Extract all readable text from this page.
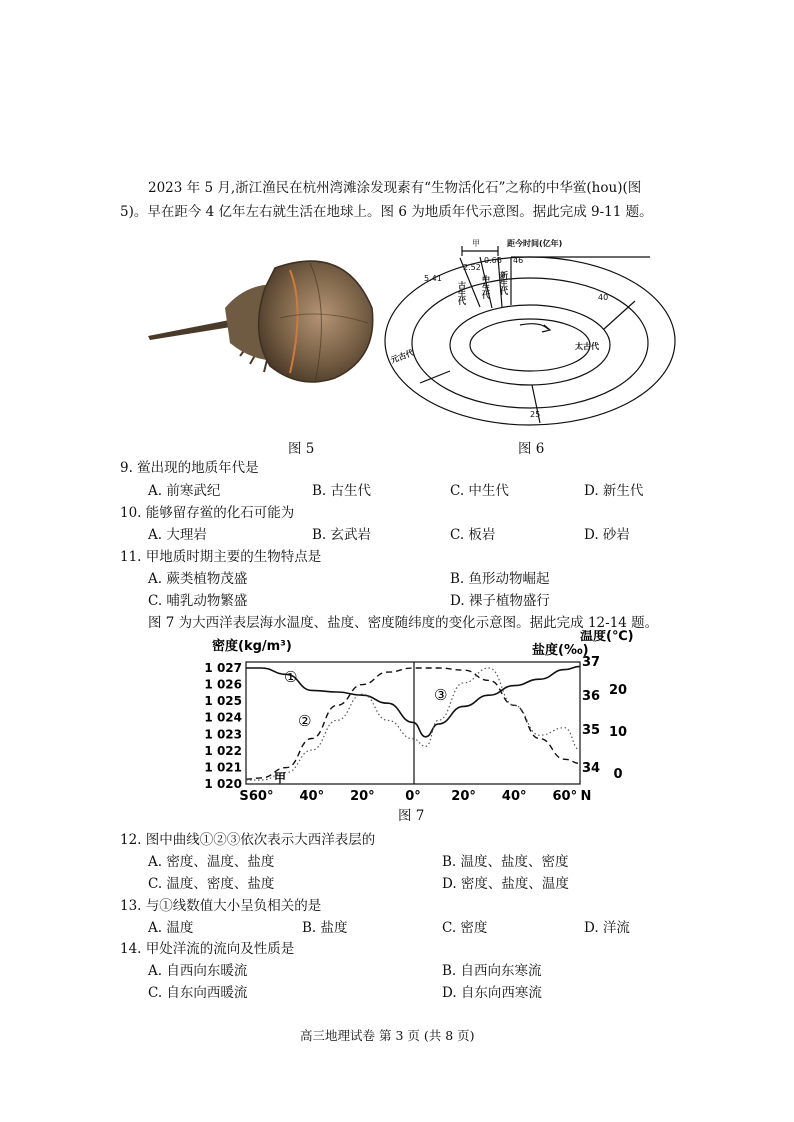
2023 年 5 月,浙江渔民在杭州湾滩涂发现素有“生物活化石”之称的中华鲎(hou)(图
5)。早在距今 4 亿年左右就生活在地球上。图 6 为地质年代示意图。据此完成 9-11 题。
图 5
甲	距今时间(亿年)
5.41
2.52
0.66 46
40
25
太古代
元古代
古生代 中生代 新生代
图 6
9. 鲎出现的地质年代是
A. 前寒武纪	B. 古生代	C. 中生代	D. 新生代
10. 能够留存鲎的化石可能为
A. 大理岩	B. 玄武岩	C. 板岩	D. 砂岩
11. 甲地质时期主要的生物特点是
A. 蕨类植物茂盛	B. 鱼形动物崛起
C. 哺乳动物繁盛	D. 裸子植物盛行
图 7 为大西洋表层海水温度、盐度、密度随纬度的变化示意图。据此完成 12-14 题。
密度(kg/m³)	盐度(‰)
温度(℃)
1 027
1 026
1 025
1 024
1 023
1 022
1 021
1 020
S 60° 40° 20° 0° 20° 40° 60° N
37
36
35
34
20
10
0
①
②
③
甲
图 7
12. 图中曲线①②③依次表示大西洋表层的
A. 密度、温度、盐度	B. 温度、盐度、密度
C. 温度、密度、盐度	D. 密度、盐度、温度
13. 与①线数值大小呈负相关的是
A. 温度	B. 盐度	C. 密度	D. 洋流
14. 甲处洋流的流向及性质是
A. 自西向东暖流	B. 自西向东寒流
C. 自东向西暖流	D. 自东向西寒流
高三地理试卷 第 3 页 (共 8 页)
